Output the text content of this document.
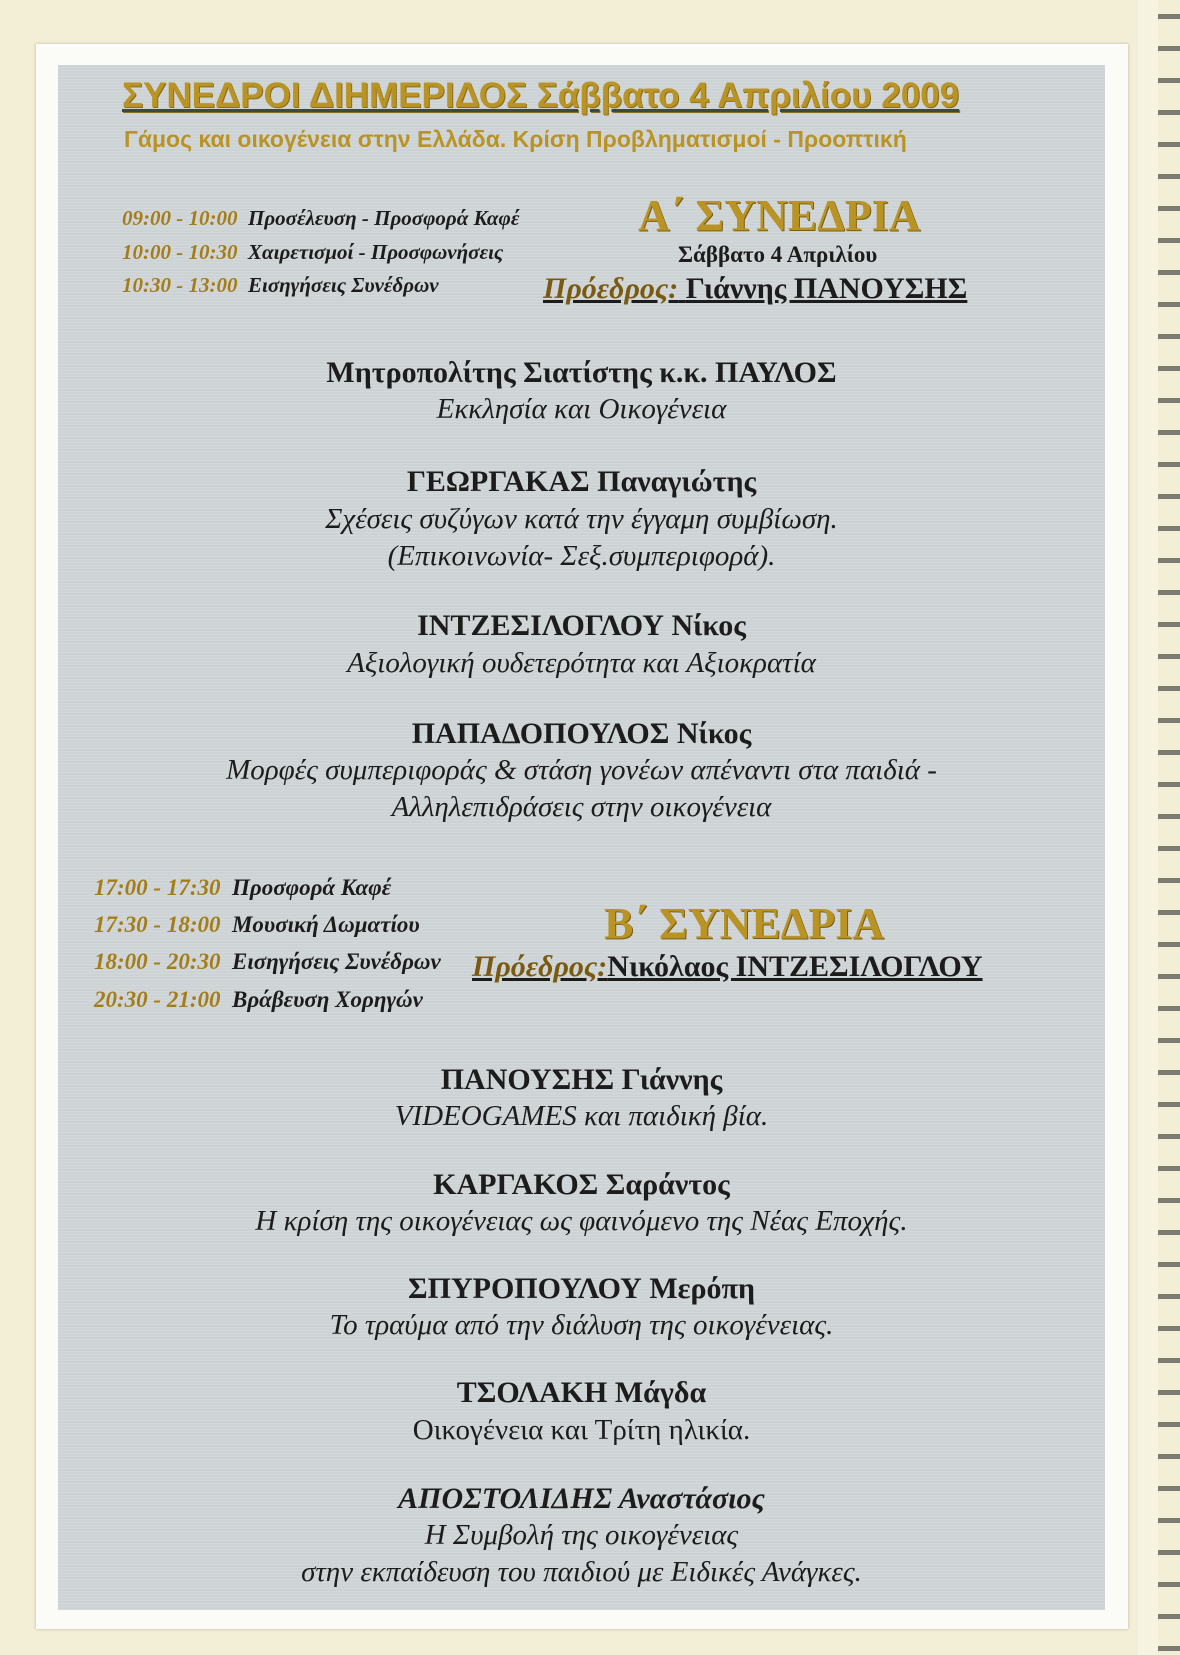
ΣΥΝΕΔΡΟΙ ΔΙΗΜΕΡΙΔΟΣ Σάββατο 4 Απριλίου 2009
Γάμος και οικογένεια στην Ελλάδα. Κρίση Προβληματισμοί - Προοπτική
09:00 - 10:00 Προσέλευση - Προσφορά Καφέ
10:00 - 10:30 Χαιρετισμοί - Προσφωνήσεις
10:30 - 13:00 Εισηγήσεις Συνέδρων
Α΄ ΣΥΝΕΔΡΙΑ
Σάββατο 4 Απριλίου
Πρόεδρος: Γιάννης ΠΑΝΟΥΣΗΣ
Μητροπολίτης Σιατίστης κ.κ. ΠΑΥΛΟΣ
Εκκλησία και Οικογένεια
ΓΕΩΡΓΑΚΑΣ Παναγιώτης
Σχέσεις συζύγων κατά την έγγαμη συμβίωση.
(Επικοινωνία- Σεξ.συμπεριφορά).
ΙΝΤΖΕΣΙΛΟΓΛΟΥ Νίκος
Αξιολογική ουδετερότητα και Αξιοκρατία
ΠΑΠΑΔΟΠΟΥΛΟΣ Νίκος
Μορφές συμπεριφοράς & στάση γονέων απέναντι στα παιδιά -
Αλληλεπιδράσεις στην οικογένεια
17:00 - 17:30 Προσφορά Καφέ
17:30 - 18:00 Μουσική Δωματίου
18:00 - 20:30 Εισηγήσεις Συνέδρων
20:30 - 21:00 Βράβευση Χορηγών
Β΄ ΣΥΝΕΔΡΙΑ
Πρόεδρος:Νικόλαος ΙΝΤΖΕΣΙΛΟΓΛΟΥ
ΠΑΝΟΥΣΗΣ Γιάννης
VIDEOGAMES και παιδική βία.
ΚΑΡΓΑΚΟΣ Σαράντος
Η κρίση της οικογένειας ως φαινόμενο της Νέας Εποχής.
ΣΠΥΡΟΠΟΥΛΟΥ Μερόπη
Το τραύμα από την διάλυση της οικογένειας.
ΤΣΟΛΑΚΗ Μάγδα
Οικογένεια και Τρίτη ηλικία.
ΑΠΟΣΤΟΛΙΔΗΣ Αναστάσιος
Η Συμβολή της οικογένειας
στην εκπαίδευση του παιδιού με Ειδικές Ανάγκες.
